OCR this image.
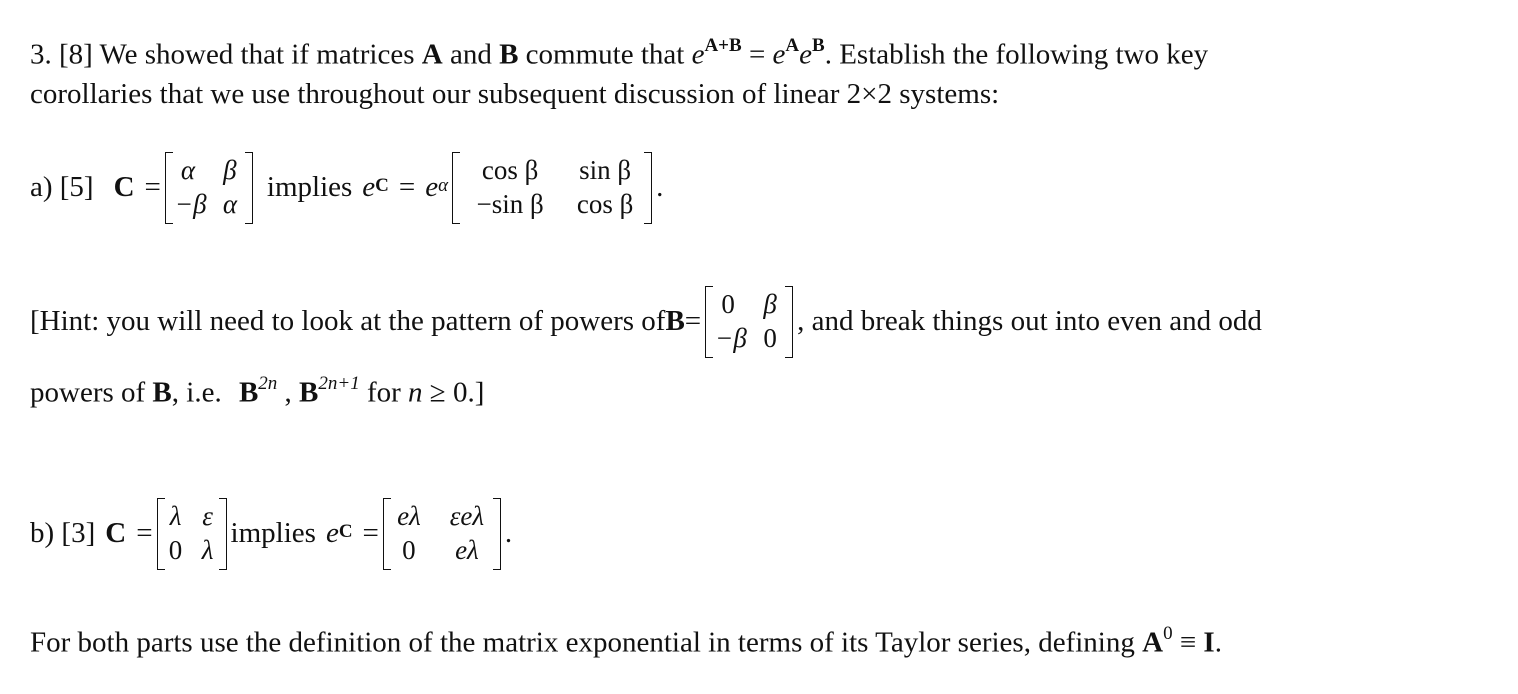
3. [8] We showed that if matrices A and B commute that $e^{A+B} = e^Ae^B$. Establish the following two key
corollaries that we use throughout our subsequent discussion of linear 2×2 systems:
a) [5] C =
α β
−β α
implies $e^C = e^\alpha$
cos β	sin β
−sin β	cos β
.
[Hint: you will need to look at the pattern of powers of B =
0 β
−β 0
, and break things out into even and odd
powers of B, i.e. $B^{2n}$ , $B^{2n+1}$ for n ≥ 0.]
b) [3] C =
λ ε
0 λ
implies $e^C$ =
eλ	εeλ
0	eλ
.
For both parts use the definition of the matrix exponential in terms of its Taylor series, defining $A^0 \equiv I$.
